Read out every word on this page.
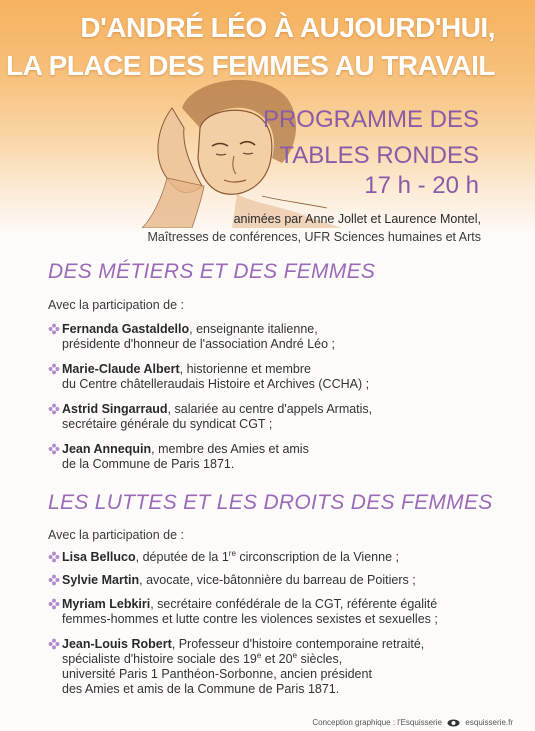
D'ANDRÉ LÉO À AUJOURD'HUI,
LA PLACE DES FEMMES AU TRAVAIL
PROGRAMME DES
TABLES RONDES
17 h - 20 h
animées par Anne Jollet et Laurence Montel,
Maîtresses de conférences, UFR Sciences humaines et Arts
DES MÉTIERS ET DES FEMMES
Avec la participation de :
Fernanda Gastaldello, enseignante italienne,
présidente d'honneur de l'association André Léo ;
Marie-Claude Albert, historienne et membre
du Centre châtelleraudais Histoire et Archives (CCHA) ;
Astrid Singarraud, salariée au centre d'appels Armatis,
secrétaire générale du syndicat CGT ;
Jean Annequin, membre des Amies et amis
de la Commune de Paris 1871.
LES LUTTES ET LES DROITS DES FEMMES
Avec la participation de :
Lisa Belluco, députée de la 1re circonscription de la Vienne ;
Sylvie Martin, avocate, vice-bâtonnière du barreau de Poitiers ;
Myriam Lebkiri, secrétaire confédérale de la CGT, référente égalité
femmes-hommes et lutte contre les violences sexistes et sexuelles ;
Jean-Louis Robert, Professeur d'histoire contemporaine retraité,
spécialiste d'histoire sociale des 19e et 20e siècles,
université Paris 1 Panthéon-Sorbonne, ancien président
des Amies et amis de la Commune de Paris 1871.
Conception graphique : l'Esquisserie	esquisserie.fr
